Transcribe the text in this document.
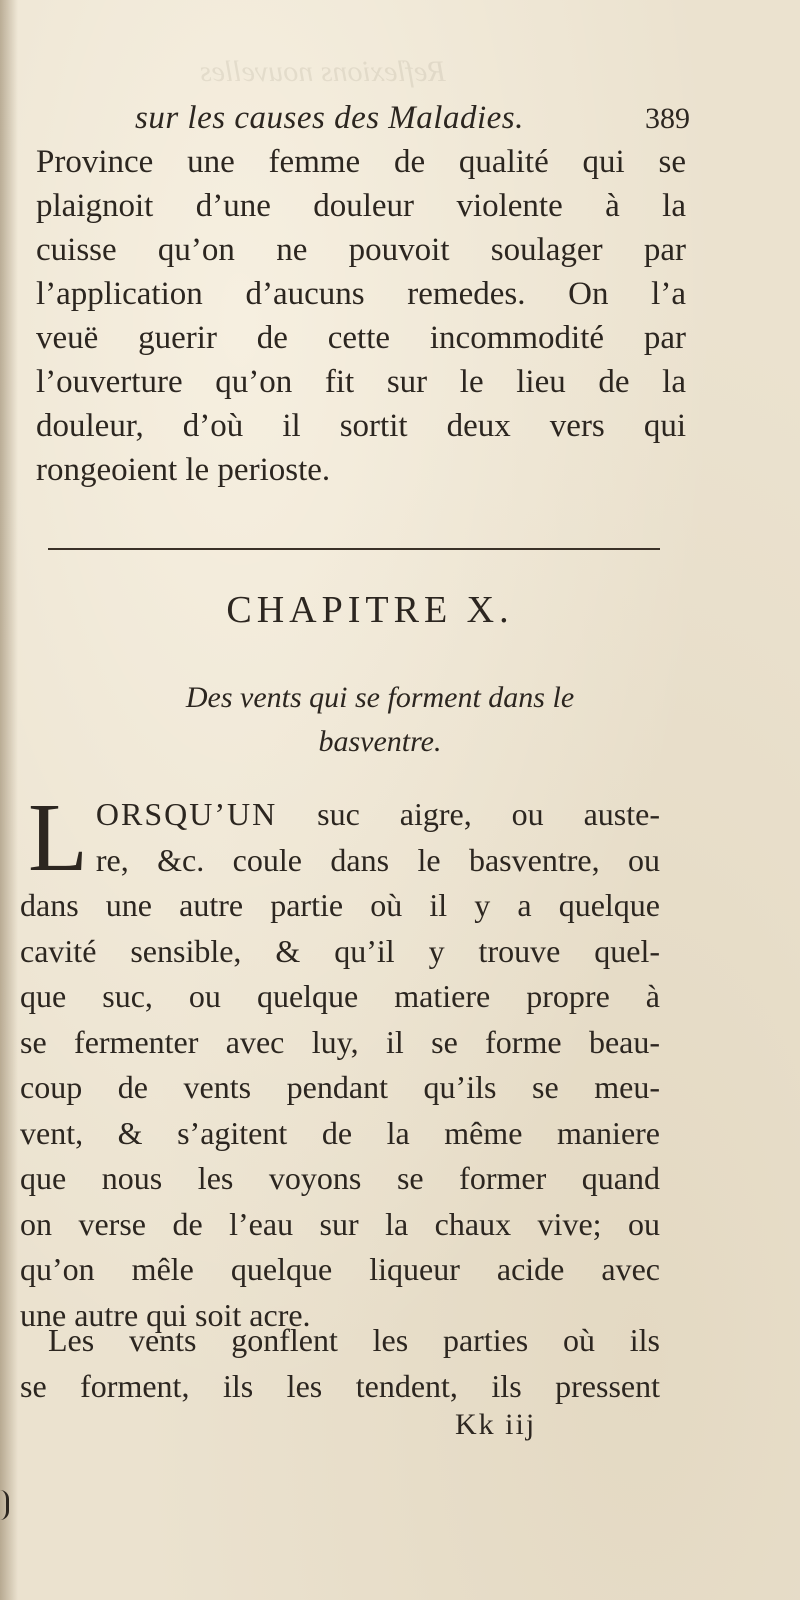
Reflexions nouvelles
sur les causes des Maladies.	389
Province une femme de qualité qui se
plaignoit d’une douleur violente à la
cuisse qu’on ne pouvoit soulager par
l’application d’aucuns remedes. On l’a
veuë guerir de cette incommodité par
l’ouverture qu’on fit sur le lieu de la
douleur, d’où il sortit deux vers qui
rongeoient le perioste.
CHAPITRE X.
Des vents qui se forment dans le
basventre.
L ORSQU’UN suc aigre, ou auste-
re, &c. coule dans le basventre, ou
dans une autre partie où il y a quelque
cavité sensible, & qu’il y trouve quel-
que suc, ou quelque matiere propre à
se fermenter avec luy, il se forme beau-
coup de vents pendant qu’ils se meu-
vent, & s’agitent de la même maniere
que nous les voyons se former quand
on verse de l’eau sur la chaux vive; ou
qu’on mêle quelque liqueur acide avec
une autre qui soit acre.
Les vents gonflent les parties où ils
se forment, ils les tendent, ils pressent
Kk iij
